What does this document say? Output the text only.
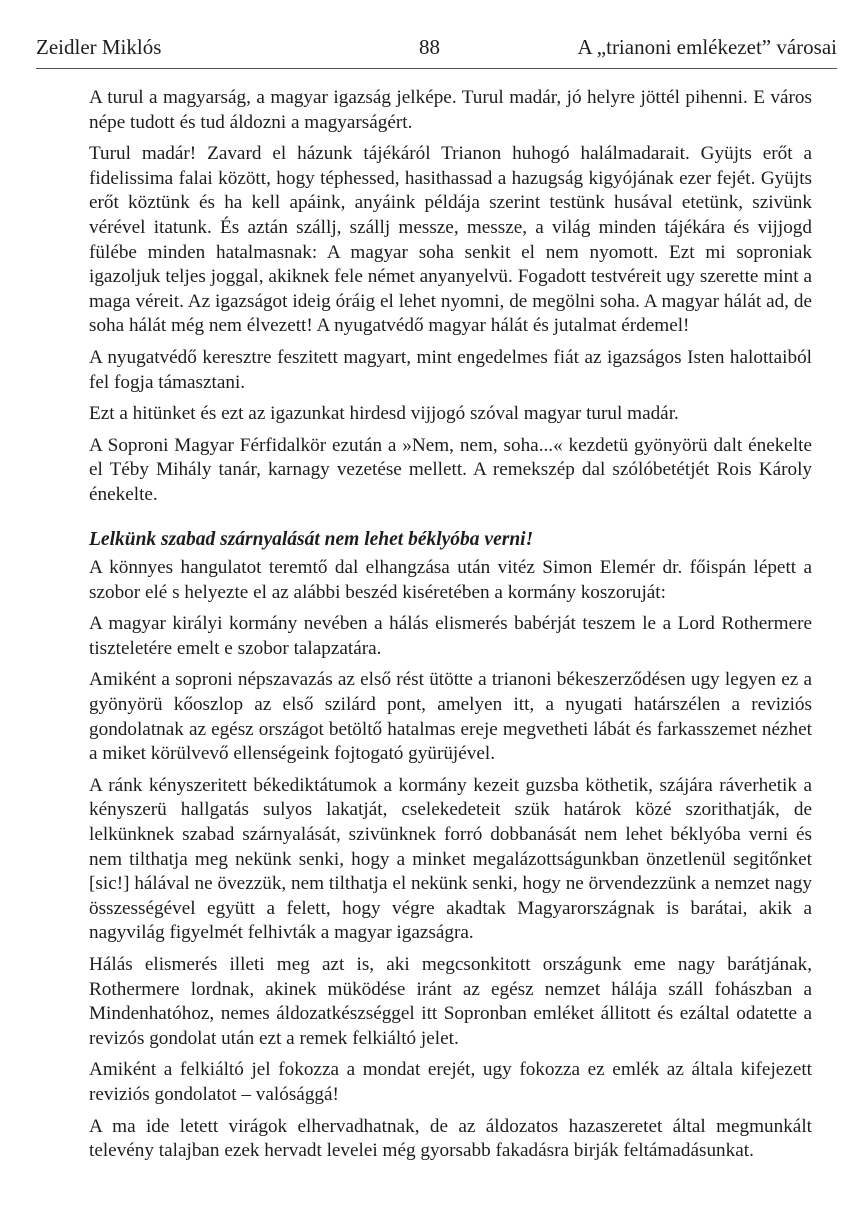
Zeidler Miklós	88	A „trianoni emlékezet” városai

A turul a magyarság, a magyar igazság jelképe. Turul madár, jó helyre jöttél pihenni. E város népe tudott és tud áldozni a magyarságért.

Turul madár! Zavard el házunk tájékáról Trianon huhogó halálmadarait. Gyüjts erőt a fidelissima falai között, hogy téphessed, hasithassad a hazugság kigyójának ezer fejét. Gyüjts erőt köztünk és ha kell apáink, anyáink példája szerint testünk husával etetünk, szivünk vérével itatunk. És aztán szállj, szállj messze, messze, a világ minden tájékára és vijjogd fülébe minden hatalmasnak: A magyar soha senkit el nem nyomott. Ezt mi sopronіak igazoljuk teljes joggal, akiknek fele német anyanyelvü. Fogadott testvéreit ugy szerette mint a maga véreit. Az igazságot ideig óráig el lehet nyomni, de megölni soha. A magyar hálát ad, de soha hálát még nem élvezett! A nyugatvédő magyar hálát és jutalmat érdemel!

A nyugatvédő keresztre feszitett magyart, mint engedelmes fiát az igazságos Isten halottaiból fel fogja támasztani.

Ezt a hitünket és ezt az igazunkat hirdesd vijjogó szóval magyar turul madár.

A Soproni Magyar Férfidalkör ezután a »Nem, nem, soha...« kezdetü gyönyörü dalt énekelte el Téby Mihály tanár, karnagy vezetése mellett. A remekszép dal szólóbetétjét Rois Károly énekelte.

Lelkünk szabad szárnyalását nem lehet béklyóba verni!

A könnyes hangulatot teremtő dal elhangzása után vitéz Simon Elemér dr. főispán lépett a szobor elé s helyezte el az alábbi beszéd kiséretében a kormány koszoruját:

A magyar királyi kormány nevében a hálás elismerés babérját teszem le a Lord Rothermere tiszteletére emelt e szobor talapzatára.

Amiként a soproni népszavazás az első rést ütötte a trianoni békeszerződésen ugy legyen ez a gyönyörü kőoszlop az első szilárd pont, amelyen itt, a nyugati határszélen a reviziós gondolatnak az egész országot betöltő hatalmas ereje megvetheti lábát és farkasszemet nézhet a miket körülvevő ellenségeink fojtogató gyürüjével.

A ránk kényszeritett békediktátumok a kormány kezeit guzsba köthetik, szájára ráverhetik a kényszerü hallgatás sulyos lakatját, cselekedeteit szük határok közé szorithatják, de lelkünknek szabad szárnyalását, szivünknek forró dobbanását nem lehet béklyóba verni és nem tilthatja meg nekünk senki, hogy a minket megalázottságunkban önzetlenül segitőnket [sic!] hálával ne övezzük, nem tilthatja el nekünk senki, hogy ne örvendezzünk a nemzet nagy összességével együtt a felett, hogy végre akadtak Magyarországnak is barátai, akik a nagyvilág figyelmét felhivták a magyar igazságra.

Hálás elismerés illeti meg azt is, aki megcsonkitott országunk eme nagy barátjának, Rothermere lordnak, akinek müködése iránt az egész nemzet hálája száll fohászban a Mindenhatóhoz, nemes áldozatkészséggel itt Sopronban emléket állitott és ezáltal odatette a revizós gondolat után ezt a remek felkiáltó jelet.

Amiként a felkiáltó jel fokozza a mondat erejét, ugy fokozza ez emlék az általa kifejezett reviziós gondolatot – valósággá!

A ma ide letett virágok elhervadhatnak, de az áldozatos hazaszeretet által megmunkált televény talajban ezek hervadt levelei még gyorsabb fakadásra birják feltámadásunkat.
